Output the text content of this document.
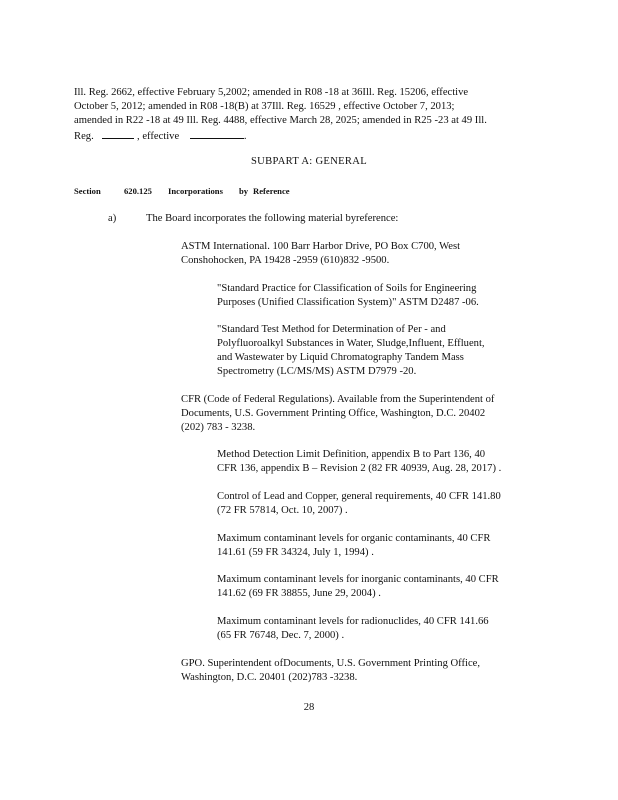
Ill. Reg. 2662, effective February 5,2002; amended in R08 -18 at 36Ill. Reg. 15206, effective
October 5, 2012; amended in R08 -18(B) at 37Ill. Reg. 16529 , effective October 7, 2013;
amended in R22 -18 at 49 Ill. Reg. 4488, effective March 28, 2025; amended in R25 -23 at 49 Ill.
Reg.	, effective	.
SUBPART A: GENERAL
Section	620.125 Incorporations by Reference
a)	The Board incorporates the following material byreference:
ASTM International. 100 Barr Harbor Drive, PO Box C700, West
Conshohocken, PA 19428 -2959 (610)832 -9500.
"Standard Practice for Classification of Soils for Engineering
Purposes (Unified Classification System)" ASTM D2487 -06.
"Standard Test Method for Determination of Per - and
Polyfluoroalkyl Substances in Water, Sludge,Influent, Effluent,
and Wastewater by Liquid Chromatography Tandem Mass
Spectrometry (LC/MS/MS) ASTM D7979 -20.
CFR (Code of Federal Regulations). Available from the Superintendent of
Documents, U.S. Government Printing Office, Washington, D.C. 20402
(202) 783 - 3238.
Method Detection Limit Definition, appendix B to Part 136, 40
CFR 136, appendix B – Revision 2 (82 FR 40939, Aug. 28, 2017) .
Control of Lead and Copper, general requirements, 40 CFR 141.80
(72 FR 57814, Oct. 10, 2007) .
Maximum contaminant levels for organic contaminants, 40 CFR
141.61 (59 FR 34324, July 1, 1994) .
Maximum contaminant levels for inorganic contaminants, 40 CFR
141.62 (69 FR 38855, June 29, 2004) .
Maximum contaminant levels for radionuclides, 40 CFR 141.66
(65 FR 76748, Dec. 7, 2000) .
GPO. Superintendent ofDocuments, U.S. Government Printing Office,
Washington, D.C. 20401 (202)783 -3238.
28
